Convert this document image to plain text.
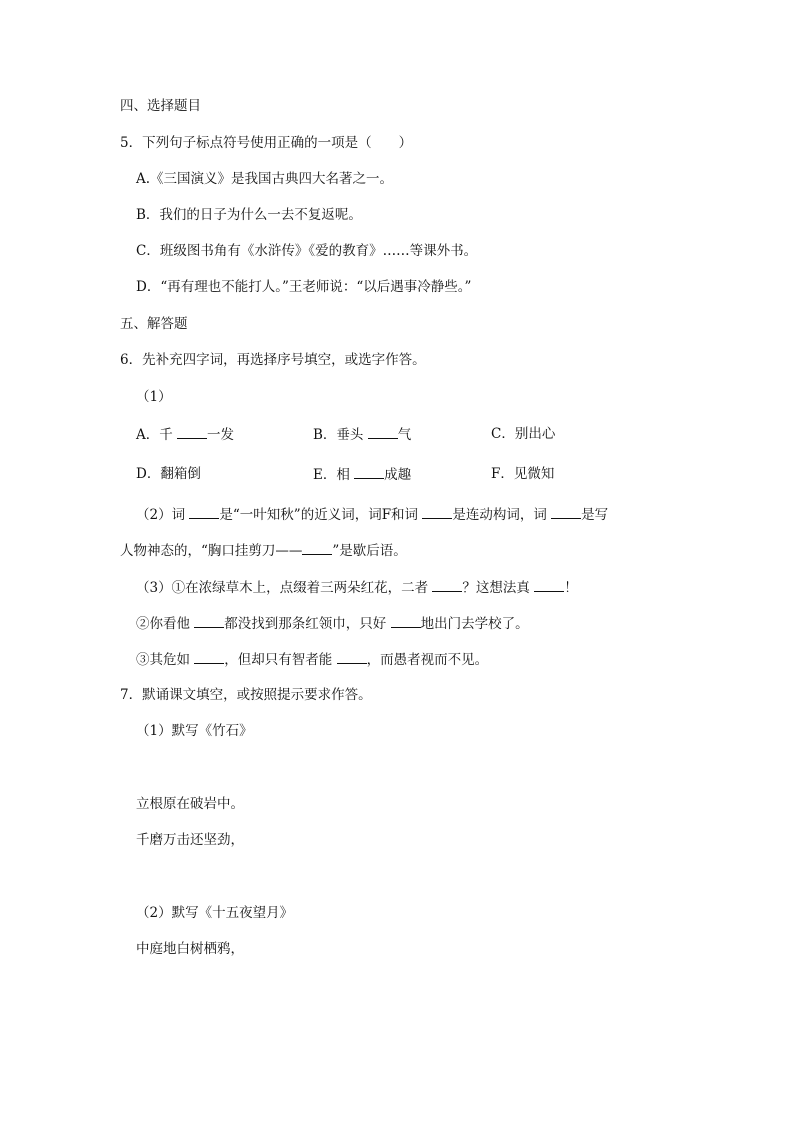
四、选择题目
5．下列句子标点符号使用正确的一项是（　　）
A.《三国演义》是我国古典四大名著之一。
B．我们的日子为什么一去不复返呢。
C．班级图书角有《水浒传》《爱的教育》……等课外书。
D．“再有理也不能打人。”王老师说：“以后遇事冷静些。”
五、解答题
6．先补充四字词，再选择序号填空，或选字作答。
（1）
A．千 一发	B．垂头 气	C．别出心
D．翻箱倒	E．相 成趣	F．见微知
（2）词 是“一叶知秋”的近义词，词F和词 是连动构词，词 是写
人物神态的，“胸口挂剪刀—— ”是歇后语。
（3）①在浓绿草木上，点缀着三两朵红花，二者 ？这想法真 ！
②你看他 都没找到那条红领巾，只好 地出门去学校了。
③其危如 ，但却只有智者能 ，而愚者视而不见。
7．默诵课文填空，或按照提示要求作答。
（1）默写《竹石》
立根原在破岩中。
千磨万击还坚劲，
（2）默写《十五夜望月》
中庭地白树栖鸦，
